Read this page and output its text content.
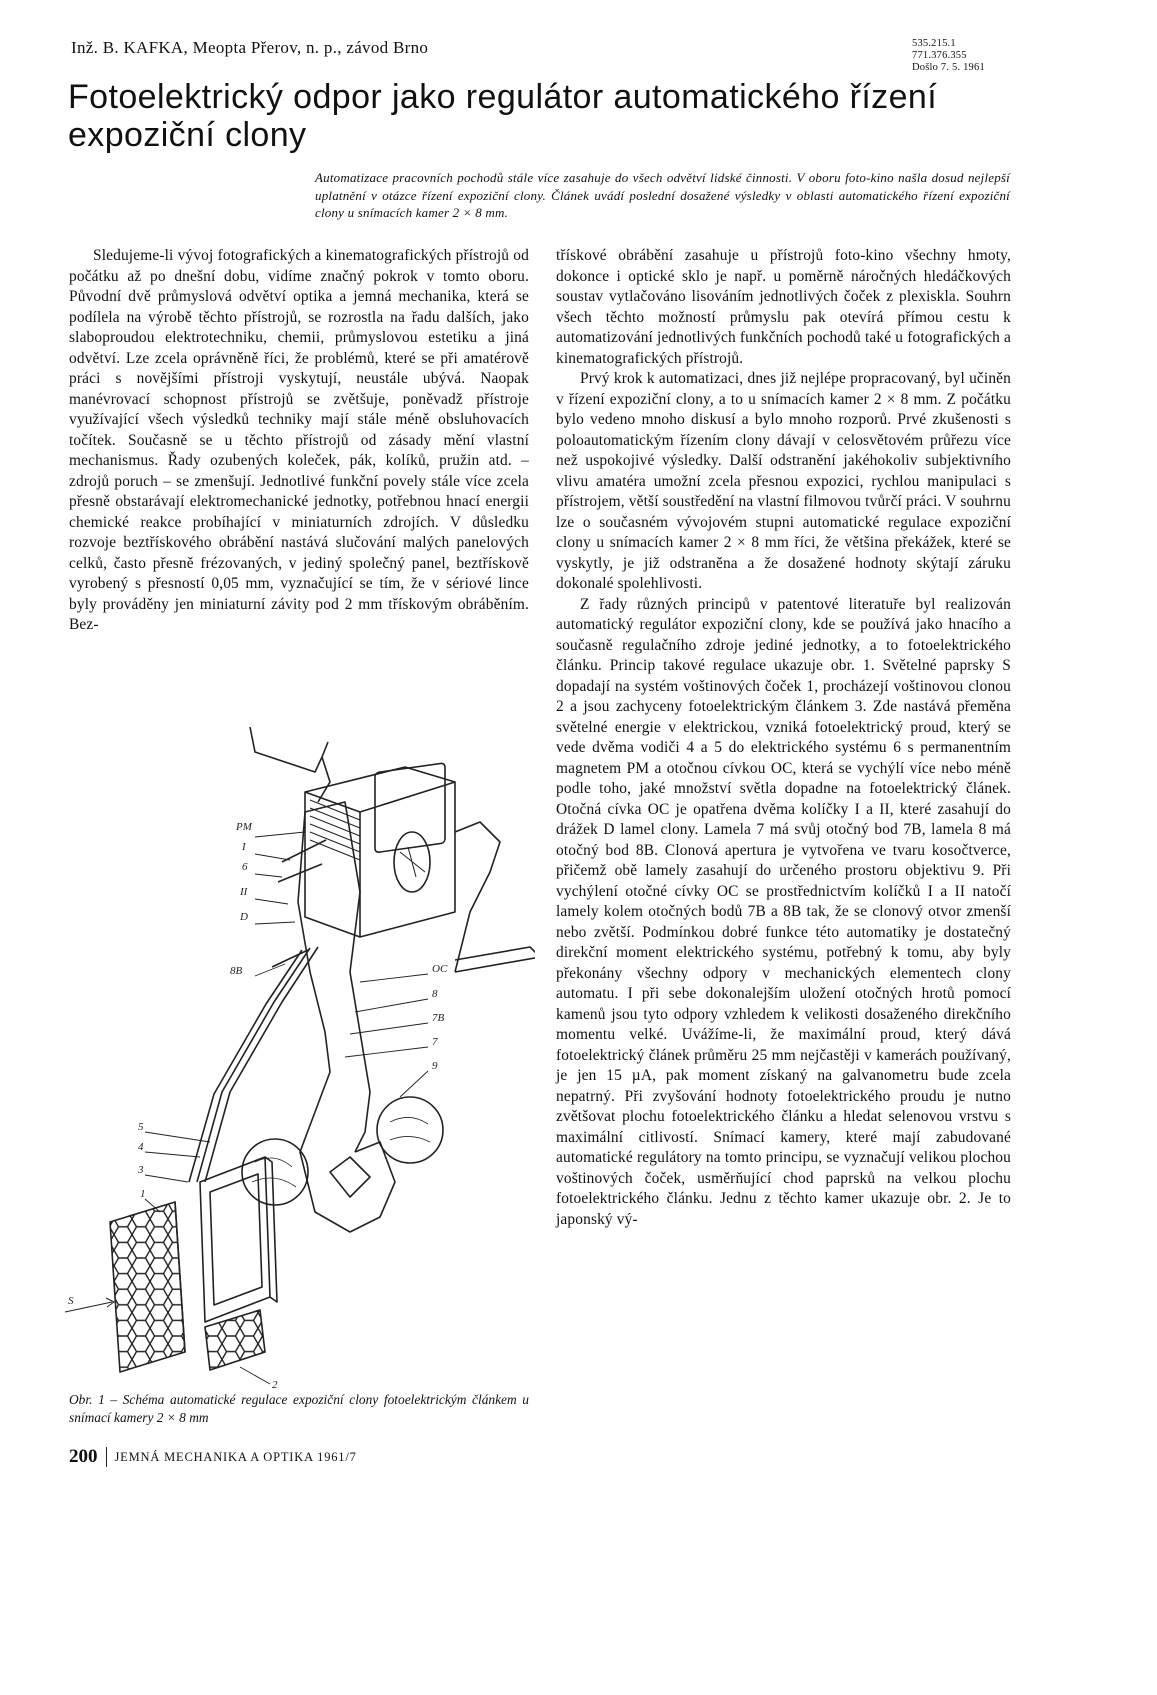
Inž. B. KAFKA, Meopta Přerov, n. p., závod Brno	535.215.1
771.376.355
Došlo 7. 5. 1961
Fotoelektrický odpor jako regulátor automatického řízení expoziční clony
Automatizace pracovních pochodů stále více zasahuje do všech odvětví lidské činnosti. V oboru foto-kino našla dosud nejlepší uplatnění v otázce řízení expoziční clony. Článek uvádí poslední dosažené výsledky v oblasti automatického řízení expoziční clony u snímacích kamer 2 × 8 mm.

Sledujeme-li vývoj fotografických a kinematografických přístrojů od počátku až po dnešní dobu, vidíme značný pokrok v tomto oboru. Původní dvě průmyslová odvětví optika a jemná mechanika, která se podílela na výrobě těchto přístrojů, se rozrostla na řadu dalších, jako slaboproudou elektrotechniku, chemii, průmyslovou estetiku a jiná odvětví. Lze zcela oprávněně říci, že problémů, které se při amatérově práci s novějšími přístroji vyskytují, neustále ubývá. Naopak manévrovací schopnost přístrojů se zvětšuje, poněvadž přístroje využívající všech výsledků techniky mají stále méně obsluhovacích točítek. Současně se u těchto přístrojů od zásady mění vlastní mechanismus. Řady ozubených koleček, pák, kolíků, pružin atd. – zdrojů poruch – se zmenšují. Jednotlivé funkční povely stále více zcela přesně obstarávají elektromechanické jednotky, potřebnou hnací energii chemické reakce probíhající v miniaturních zdrojích. V důsledku rozvoje beztřískového obrábění nastává slučování malých panelových celků, často přesně frézovaných, v jediný společný panel, beztřískově vyrobený s přesností 0,05 mm, vyznačující se tím, že v sériové lince byly prováděny jen miniaturní závity pod 2 mm třískovým obráběním. Bez-

třískové obrábění zasahuje u přístrojů foto-kino všechny hmoty, dokonce i optické sklo je např. u poměrně náročných hledáčkových soustav vytlačováno lisováním jednotlivých čoček z plexiskla. Souhrn všech těchto možností průmyslu pak otevírá přímou cestu k automatizování jednotlivých funkčních pochodů také u fotografických a kinematografických přístrojů.

Prvý krok k automatizaci, dnes již nejlépe propracovaný, byl učiněn v řízení expoziční clony, a to u snímacích kamer 2 × 8 mm. Z počátku bylo vedeno mnoho diskusí a bylo mnoho rozporů. Prvé zkušenosti s poloautomatickým řízením clony dávají v celosvětovém průřezu více než uspokojivé výsledky. Další odstranění jakéhokoliv subjektivního vlivu amatéra umožní zcela přesnou expozici, rychlou manipulaci s přístrojem, větší soustředění na vlastní filmovou tvůrčí práci. V souhrnu lze o současném vývojovém stupni automatické regulace expoziční clony u snímacích kamer 2 × 8 mm říci, že většina překážek, které se vyskytly, je již odstraněna a že dosažené hodnoty skýtají záruku dokonalé spolehlivosti.

Z řady různých principů v patentové literatuře byl realizován automatický regulátor expoziční clony, kde se používá jako hnacího a současně regulačního zdroje jediné jednotky, a to fotoelektrického článku. Princip takové regulace ukazuje obr. 1. Světelné paprsky S dopadají na systém voštinových čoček 1, procházejí voštinovou clonou 2 a jsou zachyceny fotoelektrickým článkem 3. Zde nastává přeměna světelné energie v elektrickou, vzniká fotoelektrický proud, který se vede dvěma vodiči 4 a 5 do elektrického systému 6 s permanentním magnetem PM a otočnou cívkou OC, která se vychýlí více nebo méně podle toho, jaké množství světla dopadne na fotoelektrický článek. Otočná cívka OC je opatřena dvěma kolíčky I a II, které zasahují do drážek D lamel clony. Lamela 7 má svůj otočný bod 7B, lamela 8 má otočný bod 8B. Clonová apertura je vytvořena ve tvaru kosočtverce, přičemž obě lamely zasahují do určeného prostoru objektivu 9. Při vychýlení otočné cívky OC se prostřednictvím kolíčků I a II natočí lamely kolem otočných bodů 7B a 8B tak, že se clonový otvor zmenší nebo zvětší. Podmínkou dobré funkce této automatiky je dostatečný direkční moment elektrického systému, potřebný k tomu, aby byly překonány všechny odpory v mechanických elementech clony automatu. I při sebe dokonalejším uložení otočných hrotů pomocí kamenů jsou tyto odpory vzhledem k velikosti dosaženého direkčního momentu velké. Uvážíme-li, že maximální proud, který dává fotoelektrický článek průměru 25 mm nejčastěji v kamerách používaný, je jen 15 µA, pak moment získaný na galvanometru bude zcela nepatrný. Při zvyšování hodnoty fotoelektrického proudu je nutno zvětšovat plochu fotoelektrického článku a hledat selenovou vrstvu s maximální citlivostí. Snímací kamery, které mají zabudované automatické regulátory na tomto principu, se vyznačují velikou plochou voštinových čoček, usměrňující chod paprsků na velkou plochu fotoelektrického článku. Jednu z těchto kamer ukazuje obr. 2. Je to japonský vý-

PM
I
6
II
D
8B	OC
8
7B
7
9
5
4
3
1
S
2
Obr. 1 – Schéma automatické regulace expoziční clony fotoelektrickým článkem u snímací kamery 2 × 8 mm
200 JEMNÁ MECHANIKA A OPTIKA 1961/7
